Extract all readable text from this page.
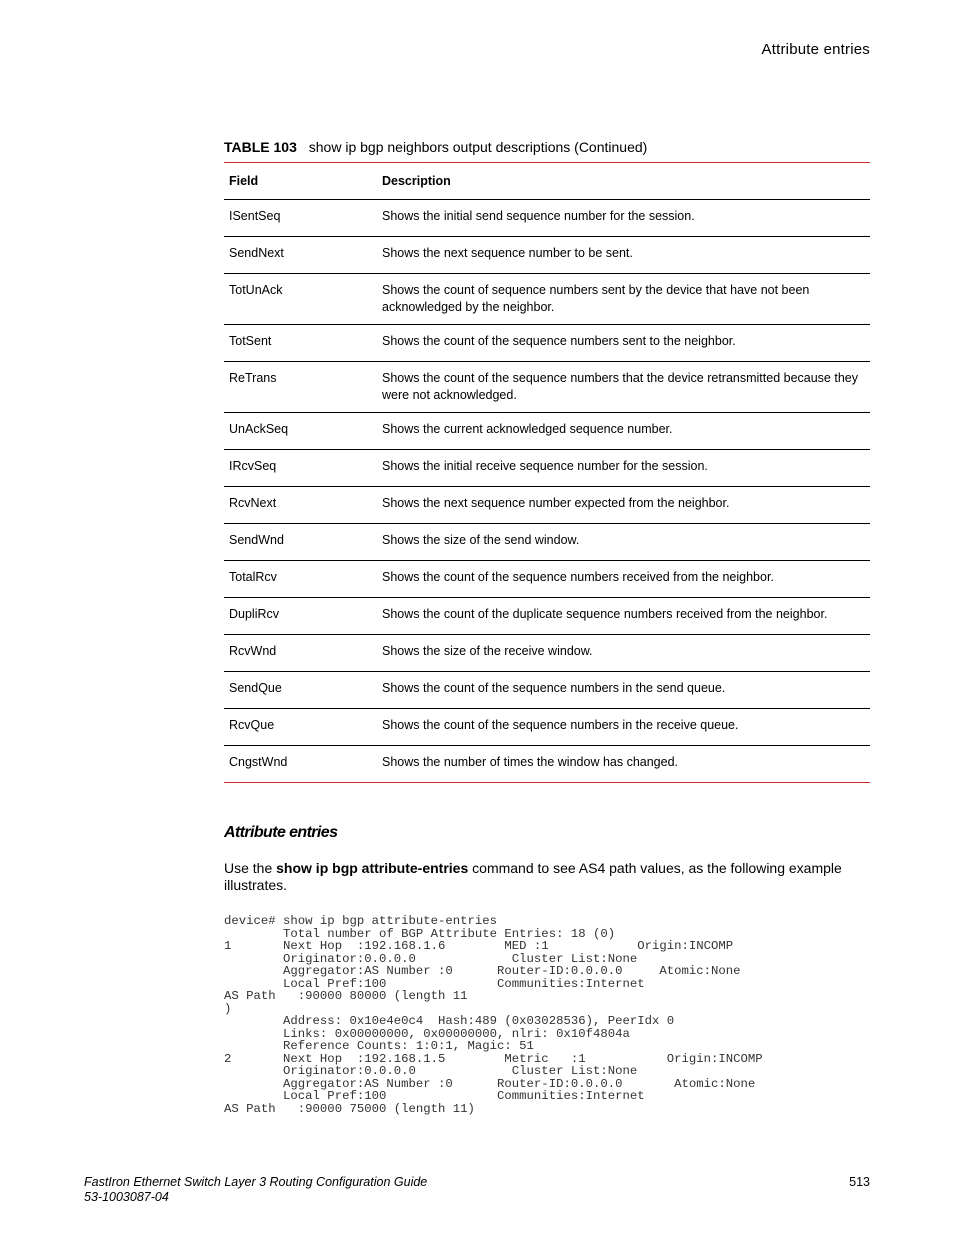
Attribute entries
TABLE 103 show ip bgp neighbors output descriptions (Continued)
Field	Description
ISentSeq	Shows the initial send sequence number for the session.
SendNext	Shows the next sequence number to be sent.
TotUnAck	Shows the count of sequence numbers sent by the device that have not been acknowledged by the neighbor.
TotSent	Shows the count of the sequence numbers sent to the neighbor.
ReTrans	Shows the count of the sequence numbers that the device retransmitted because they were not acknowledged.
UnAckSeq	Shows the current acknowledged sequence number.
IRcvSeq	Shows the initial receive sequence number for the session.
RcvNext	Shows the next sequence number expected from the neighbor.
SendWnd	Shows the size of the send window.
TotalRcv	Shows the count of the sequence numbers received from the neighbor.
DupliRcv	Shows the count of the duplicate sequence numbers received from the neighbor.
RcvWnd	Shows the size of the receive window.
SendQue	Shows the count of the sequence numbers in the send queue.
RcvQue	Shows the count of the sequence numbers in the receive queue.
CngstWnd	Shows the number of times the window has changed.
Attribute entries
Use the show ip bgp attribute-entries command to see AS4 path values, as the following example illustrates.
device# show ip bgp attribute-entries
Total number of BGP Attribute Entries: 18 (0)
1       Next Hop  :192.168.1.6        MED :1            Origin:INCOMP
Originator:0.0.0.0             Cluster List:None
Aggregator:AS Number :0      Router-ID:0.0.0.0     Atomic:None
Local Pref:100               Communities:Internet
AS Path   :90000 80000 (length 11
)
Address: 0x10e4e0c4  Hash:489 (0x03028536), PeerIdx 0
Links: 0x00000000, 0x00000000, nlri: 0x10f4804a
Reference Counts: 1:0:1, Magic: 51
2       Next Hop  :192.168.1.5        Metric   :1           Origin:INCOMP
Originator:0.0.0.0             Cluster List:None
Aggregator:AS Number :0      Router-ID:0.0.0.0       Atomic:None
Local Pref:100               Communities:Internet
AS Path   :90000 75000 (length 11)
FastIron Ethernet Switch Layer 3 Routing Configuration Guide
53-1003087-04
513
